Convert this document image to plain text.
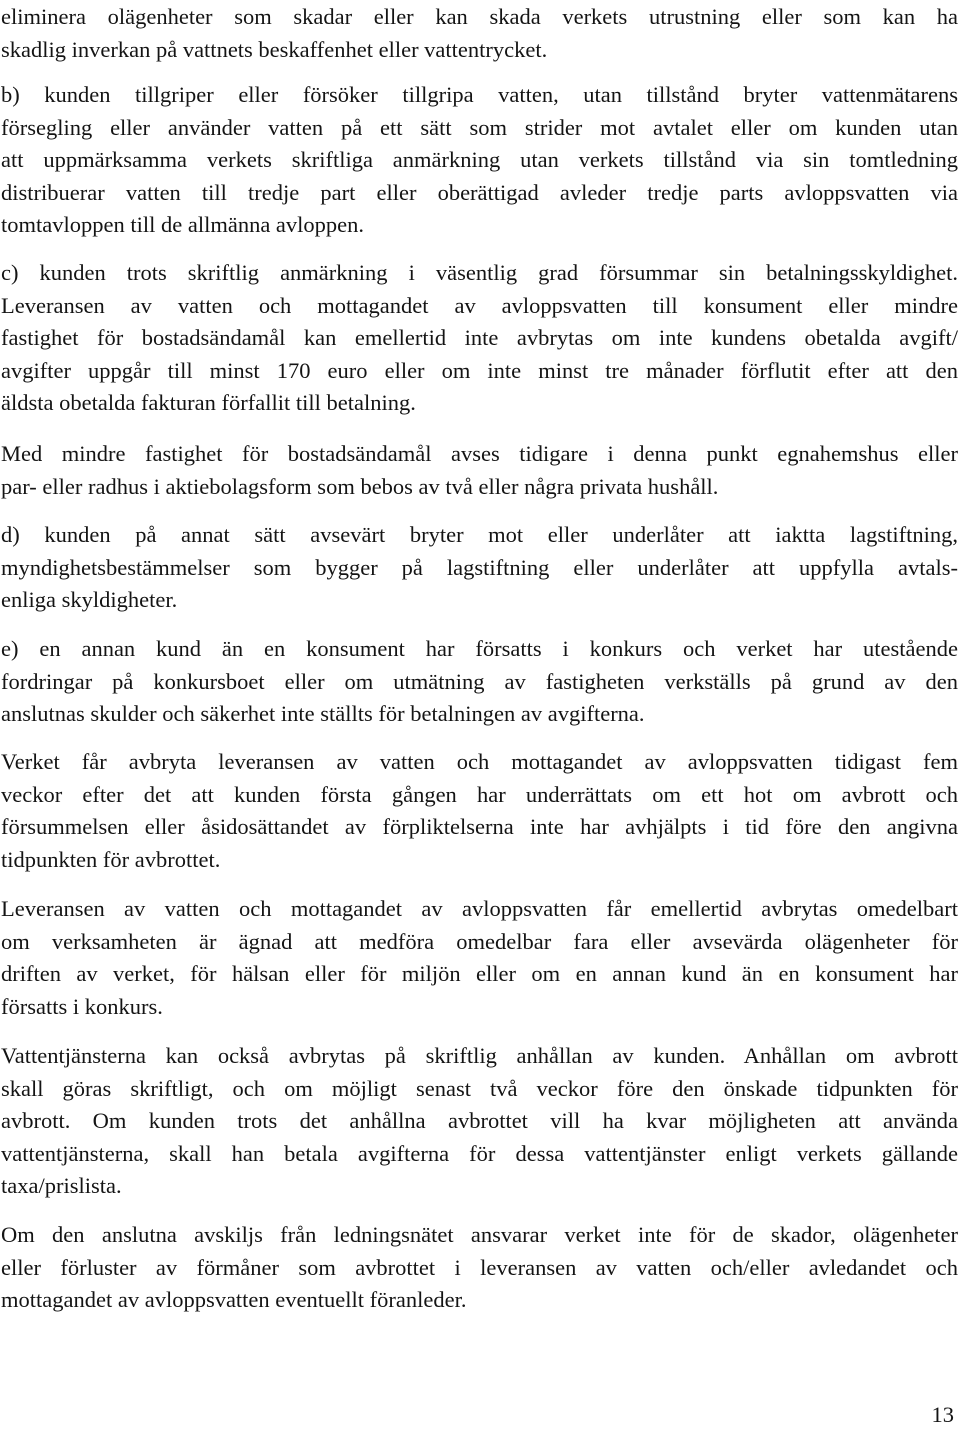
eliminera olägenheter som skadar eller kan skada verkets utrustning eller som kan ha
skadlig inverkan på vattnets beskaffenhet eller vattentrycket.
b) kunden tillgriper eller försöker tillgripa vatten, utan tillstånd bryter vattenmätarens
försegling eller använder vatten på ett sätt som strider mot avtalet eller om kunden utan
att uppmärksamma verkets skriftliga anmärkning utan verkets tillstånd via sin tomtledning
distribuerar vatten till tredje part eller oberättigad avleder tredje parts avloppsvatten via
tomtavloppen till de allmänna avloppen.
c) kunden trots skriftlig anmärkning i väsentlig grad försummar sin betalningsskyldighet.
Leveransen av vatten och mottagandet av avloppsvatten till konsument eller mindre
fastighet för bostadsändamål kan emellertid inte avbrytas om inte kundens obetalda avgift/
avgifter uppgår till minst 170 euro eller om inte minst tre månader förflutit efter att den
äldsta obetalda fakturan förfallit till betalning.
Med mindre fastighet för bostadsändamål avses tidigare i denna punkt egnahemshus eller
par- eller radhus i aktiebolagsform som bebos av två eller några privata hushåll.
d) kunden på annat sätt avsevärt bryter mot eller underlåter att iaktta lagstiftning,
myndighetsbestämmelser som bygger på lagstiftning eller underlåter att uppfylla avtals-
enliga skyldigheter.
e) en annan kund än en konsument har försatts i konkurs och verket har utestående
fordringar på konkursboet eller om utmätning av fastigheten verkställs på grund av den
anslutnas skulder och säkerhet inte ställts för betalningen av avgifterna.
Verket får avbryta leveransen av vatten och mottagandet av avloppsvatten tidigast fem
veckor efter det att kunden första gången har underrättats om ett hot om avbrott och
försummelsen eller åsidosättandet av förpliktelserna inte har avhjälpts i tid före den angivna
tidpunkten för avbrottet.
Leveransen av vatten och mottagandet av avloppsvatten får emellertid avbrytas omedelbart
om verksamheten är ägnad att medföra omedelbar fara eller avsevärda olägenheter för
driften av verket, för hälsan eller för miljön eller om en annan kund än en konsument har
försatts i konkurs.
Vattentjänsterna kan också avbrytas på skriftlig anhållan av kunden. Anhållan om avbrott
skall göras skriftligt, och om möjligt senast två veckor före den önskade tidpunkten för
avbrott. Om kunden trots det anhållna avbrottet vill ha kvar möjligheten att använda
vattentjänsterna, skall han betala avgifterna för dessa vattentjänster enligt verkets gällande
taxa/prislista.
Om den anslutna avskiljs från ledningsnätet ansvarar verket inte för de skador, olägenheter
eller förluster av förmåner som avbrottet i leveransen av vatten och/eller avledandet och
mottagandet av avloppsvatten eventuellt föranleder.
13
